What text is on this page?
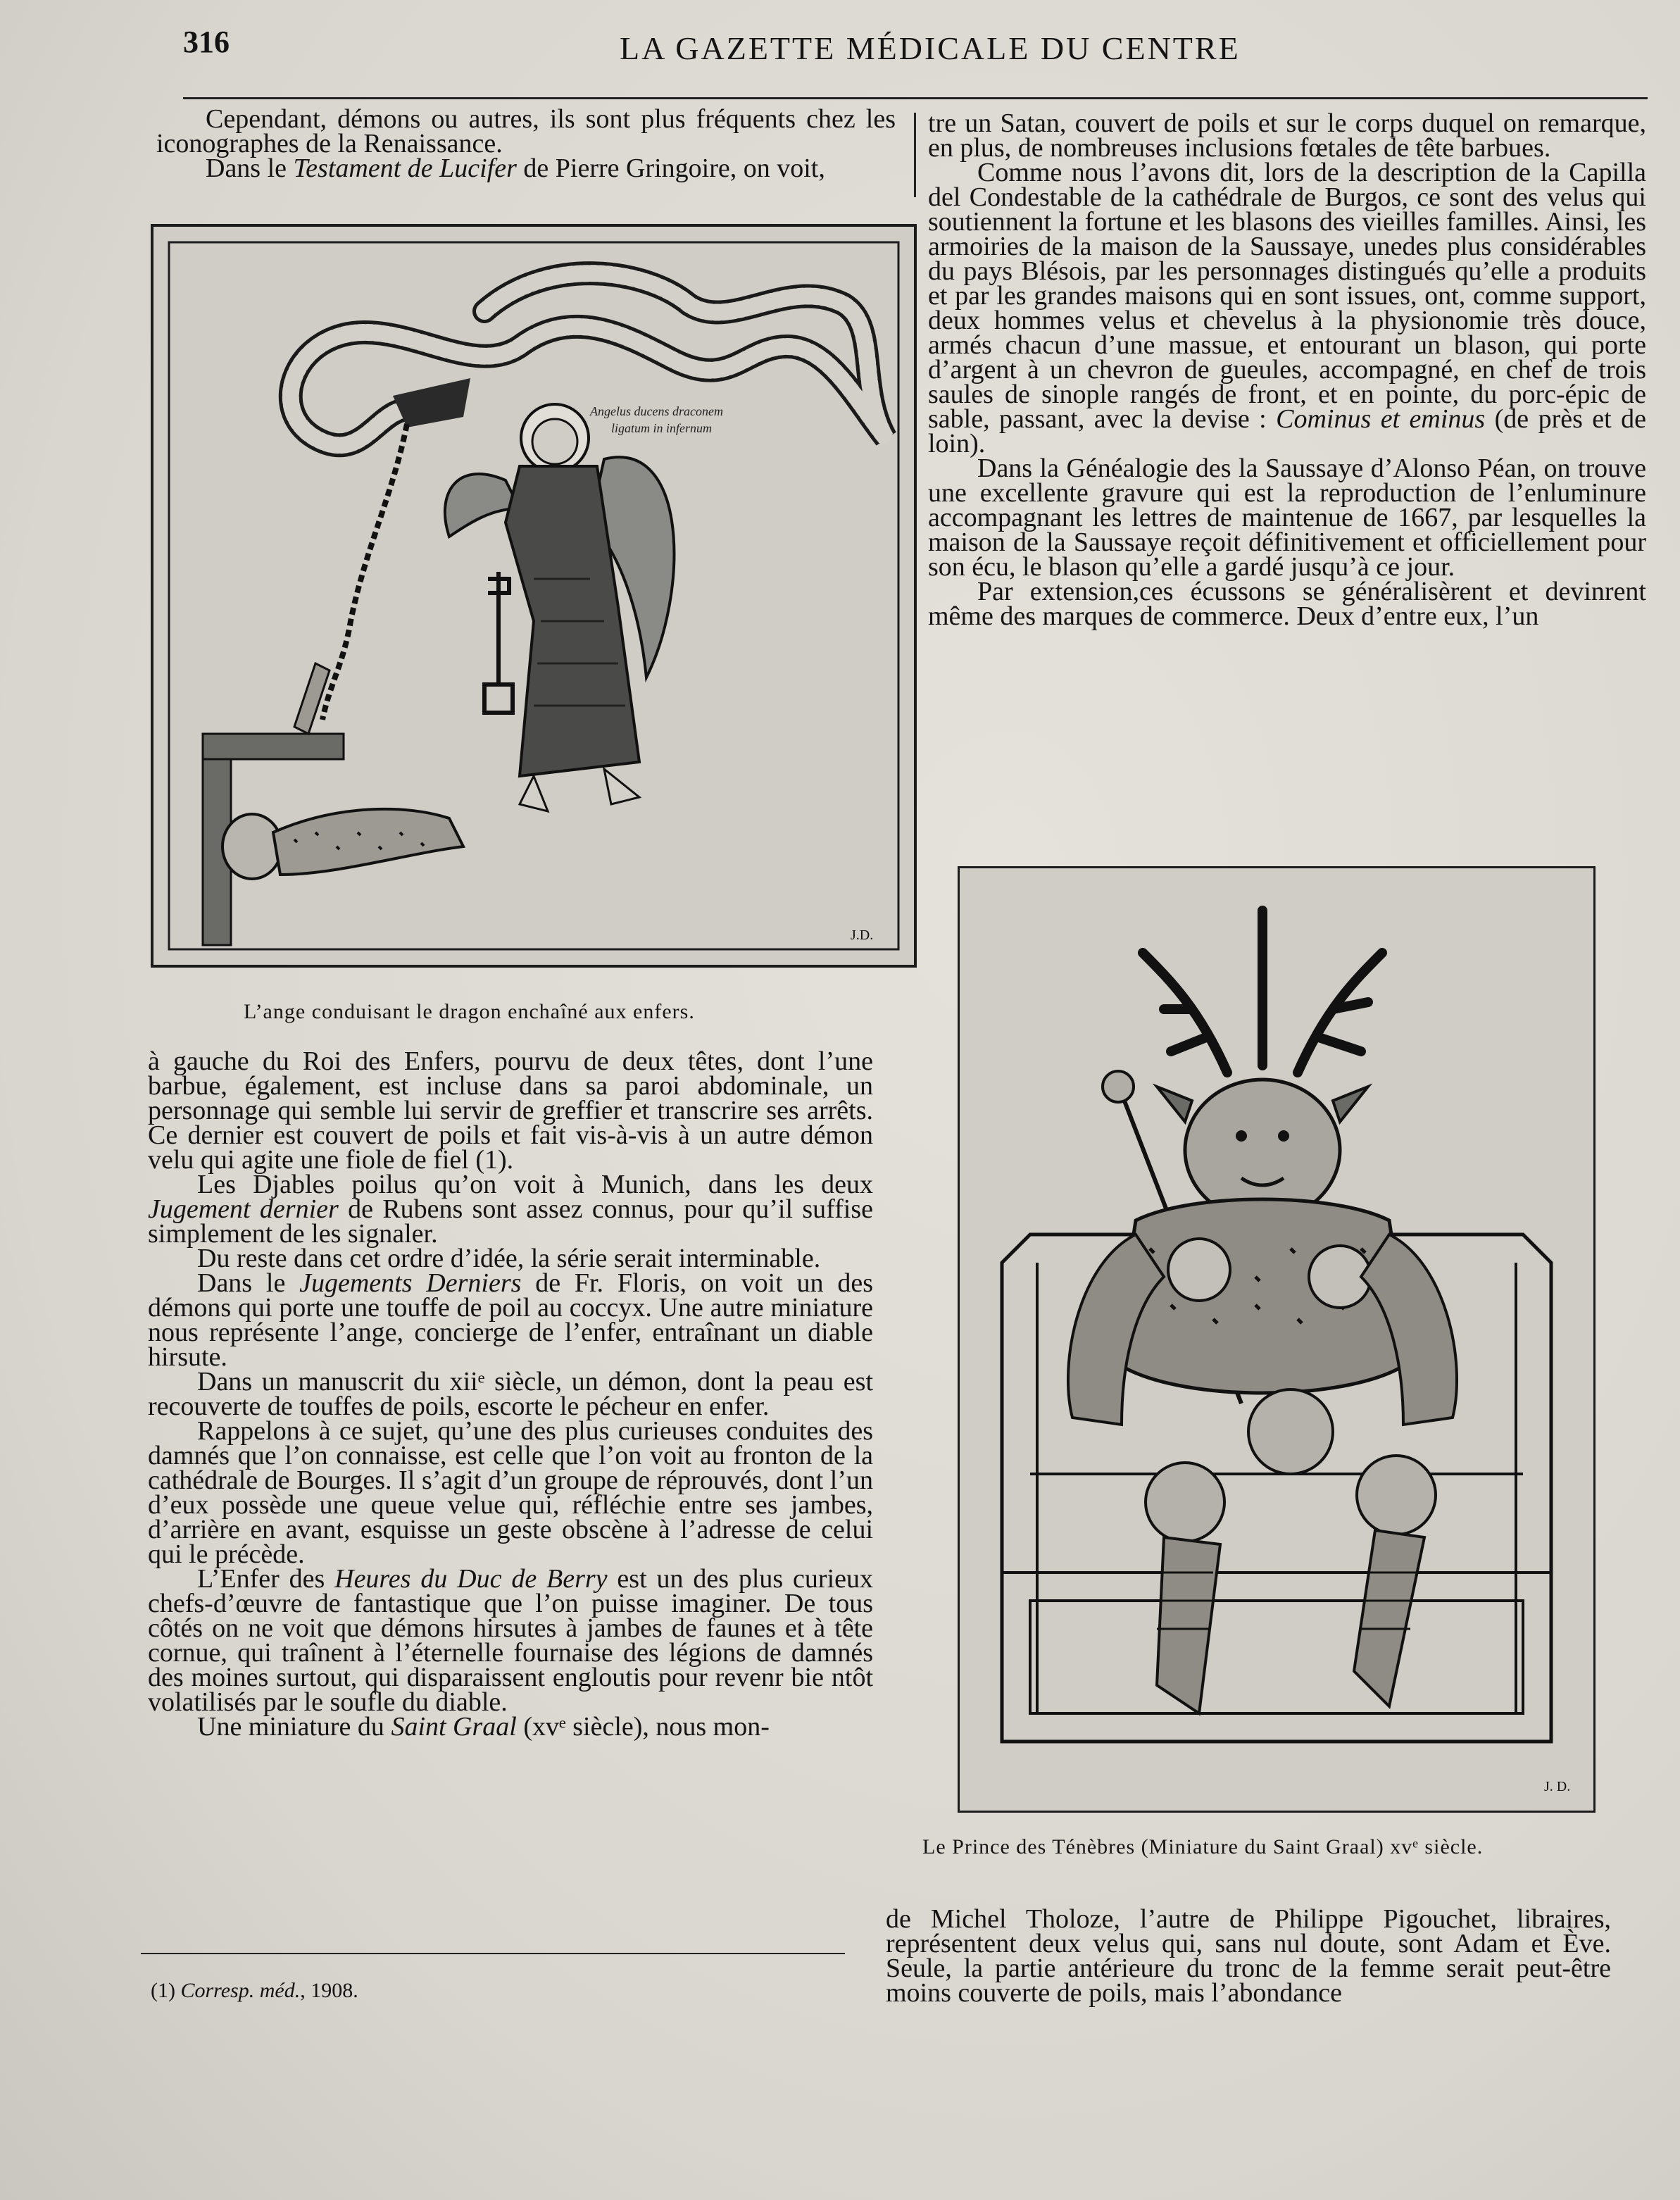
316	LA GAZETTE MÉDICALE DU CENTRE

Cependant, démons ou autres, ils sont plus fréquents chez les iconographes de la Renaissance.

Dans le Testament de Lucifer de Pierre Gringoire, on voit,

Angelus ducens draconem
ligatum in infernum
J.D.
L’ange conduisant le dragon enchaîné aux enfers.

tre un Satan, couvert de poils et sur le corps duquel on remarque, en plus, de nombreuses inclusions fœtales de tête barbues.

Comme nous l’avons dit, lors de la description de la Capilla del Condestable de la cathédrale de Burgos, ce sont des velus qui soutiennent la fortune et les blasons des vieilles familles. Ainsi, les armoiries de la maison de la Saussaye, unedes plus considérables du pays Blésois, par les personnages distingués qu’elle a produits et par les grandes maisons qui en sont issues, ont, comme support, deux hommes velus et chevelus à la physionomie très douce, armés chacun d’une massue, et entourant un blason, qui porte d’argent à un chevron de gueules, accompagné, en chef de trois saules de sinople rangés de front, et en pointe, du porc-épic de sable, passant, avec la devise : Cominus et eminus (de près et de loin).

Dans la Généalogie des la Saussaye d’Alonso Péan, on trouve une excellente gravure qui est la reproduction de l’enluminure accompagnant les lettres de maintenue de 1667, par lesquelles la maison de la Saussaye reçoit définitivement et officiellement pour son écu, le blason qu’elle a gardé jusqu’à ce jour.

Par extension,ces écussons se généralisèrent et devinrent même des marques de commerce. Deux d’entre eux, l’un

à gauche du Roi des Enfers, pourvu de deux têtes, dont l’une barbue, également, est incluse dans sa paroi abdominale, un personnage qui semble lui servir de greffier et transcrire ses arrêts. Ce dernier est couvert de poils et fait vis-à-vis à un autre démon velu qui agite une fiole de fiel (1).

Les Djables poilus qu’on voit à Munich, dans les deux Jugement dernier de Rubens sont assez connus, pour qu’il suffise simplement de les signaler.

Du reste dans cet ordre d’idée, la série serait interminable.

Dans le Jugements Derniers de Fr. Floris, on voit un des démons qui porte une touffe de poil au coccyx. Une autre miniature nous représente l’ange, concierge de l’enfer, entraînant un diable hirsute.

Dans un manuscrit du xiiᵉ siècle, un démon, dont la peau est recouverte de touffes de poils, escorte le pécheur en enfer.

Rappelons à ce sujet, qu’une des plus curieuses conduites des damnés que l’on connaisse, est celle que l’on voit au fronton de la cathédrale de Bourges. Il s’agit d’un groupe de réprouvés, dont l’un d’eux possède une queue velue qui, réfléchie entre ses jambes, d’arrière en avant, esquisse un geste obscène à l’adresse de celui qui le précède.

L’Enfer des Heures du Duc de Berry est un des plus curieux chefs-d’œuvre de fantastique que l’on puisse imaginer. De tous côtés on ne voit que démons hirsutes à jambes de faunes et à tête cornue, qui traînent à l’éternelle fournaise des légions de damnés des moines surtout, qui disparaissent engloutis pour revenr bie ntôt volatilisés par le soufle du diable.

Une miniature du Saint Graal (xvᵉ siècle), nous mon-

J. D.
Le Prince des Ténèbres (Miniature du Saint Graal) xvᵉ siècle.

de Michel Tholoze, l’autre de Philippe Pigouchet, libraires, représentent deux velus qui, sans nul doute, sont Adam et Ève. Seule, la partie antérieure du tronc de la femme serait peut-être moins couverte de poils, mais l’abondance

(1) Corresp. méd., 1908.
